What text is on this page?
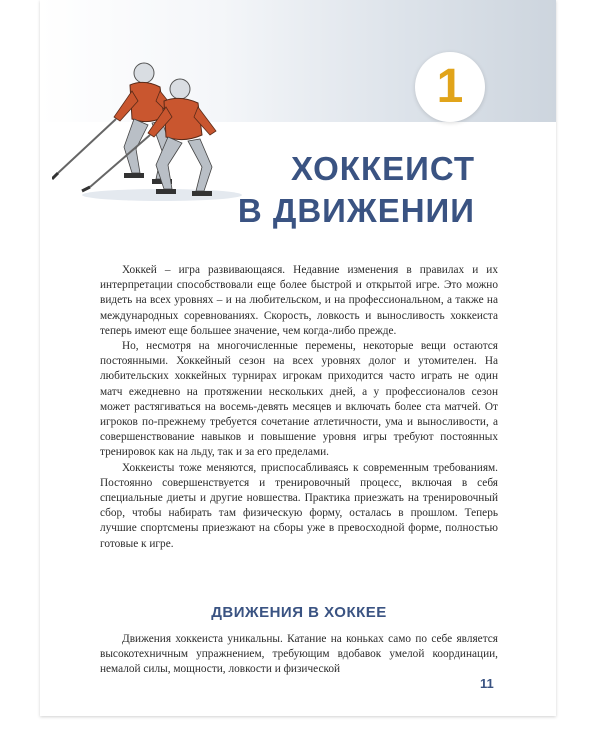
1
ХОККЕИСТ
В ДВИЖЕНИИ

Хоккей – игра развивающаяся. Недавние изменения в правилах и их интерпретации способствовали еще более быстрой и открытой игре. Это можно видеть на всех уровнях – и на любительском, и на профессиональном, а также на международных соревнованиях. Скорость, ловкость и выносливость хоккеиста теперь имеют еще большее значение, чем когда-либо прежде.

Но, несмотря на многочисленные перемены, некоторые вещи остаются постоянными. Хоккейный сезон на всех уровнях долог и утомителен. На любительских хоккейных турнирах игрокам приходится часто играть не один матч ежедневно на протяжении нескольких дней, а у профессионалов сезон может растягиваться на восемь-девять месяцев и включать более ста матчей. От игроков по-прежнему требуется сочетание атлетичности, ума и выносливости, а совершенствование навыков и повышение уровня игры требуют постоянных тренировок как на льду, так и за его пределами.

Хоккеисты тоже меняются, приспосабливаясь к современным требованиям. Постоянно совершенствуется и тренировочный процесс, включая в себя специальные диеты и другие новшества. Практика приезжать на тренировочный сбор, чтобы набирать там физическую форму, осталась в прошлом. Теперь лучшие спортсмены приезжают на сборы уже в превосходной форме, полностью готовые к игре.

ДВИЖЕНИЯ В ХОККЕЕ

Движения хоккеиста уникальны. Катание на коньках само по себе является высокотехничным упражнением, требующим вдобавок умелой координации, немалой силы, мощности, ловкости и физической

11
